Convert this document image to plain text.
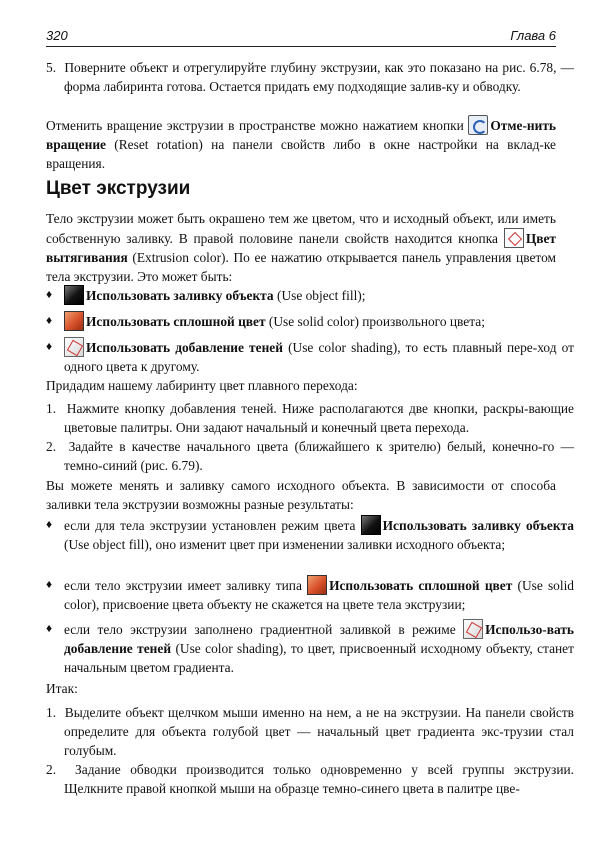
320	Глава 6
5. Поверните объект и отрегулируйте глубину экструзии, как это показано на рис. 6.78, — форма лабиринта готова. Остается придать ему подходящие залив-ку и обводку.
Отменить вращение экструзии в пространстве можно нажатием кнопки Отме-нить вращение (Reset rotation) на панели свойств либо в окне настройки на вклад-ке вращения.
Цвет экструзии
Тело экструзии может быть окрашено тем же цветом, что и исходный объект, или иметь собственную заливку. В правой половине панели свойств находится кнопка Цвет вытягивания (Extrusion color). По ее нажатию открывается панель управления цветом тела экструзии. Это может быть:
♦	Использовать заливку объекта (Use object fill);
♦	Использовать сплошной цвет (Use solid color) произвольного цвета;
♦	Использовать добавление теней (Use color shading), то есть плавный пере-ход от одного цвета к другому.
Придадим нашему лабиринту цвет плавного перехода:
1. Нажмите кнопку добавления теней. Ниже располагаются две кнопки, раскры-вающие цветовые палитры. Они задают начальный и конечный цвета перехода.
2. Задайте в качестве начального цвета (ближайшего к зрителю) белый, конечно-го — темно-синий (рис. 6.79).
Вы можете менять и заливку самого исходного объекта. В зависимости от способа заливки тела экструзии возможны разные результаты:
♦ если для тела экструзии установлен режим цвета Использовать заливку объекта (Use object fill), оно изменит цвет при изменении заливки исходного объекта;
♦ если тело экструзии имеет заливку типа Использовать сплошной цвет (Use solid color), присвоение цвета объекту не скажется на цвете тела экструзии;
♦ если тело экструзии заполнено градиентной заливкой в режиме Использо-вать добавление теней (Use color shading), то цвет, присвоенный исходному объекту, станет начальным цветом градиента.
Итак:
1. Выделите объект щелчком мыши именно на нем, а не на экструзии. На панели свойств определите для объекта голубой цвет — начальный цвет градиента экс-трузии стал голубым.
2. Задание обводки производится только одновременно у всей группы экструзии. Щелкните правой кнопкой мыши на образце темно-синего цвета в палитре цве-
